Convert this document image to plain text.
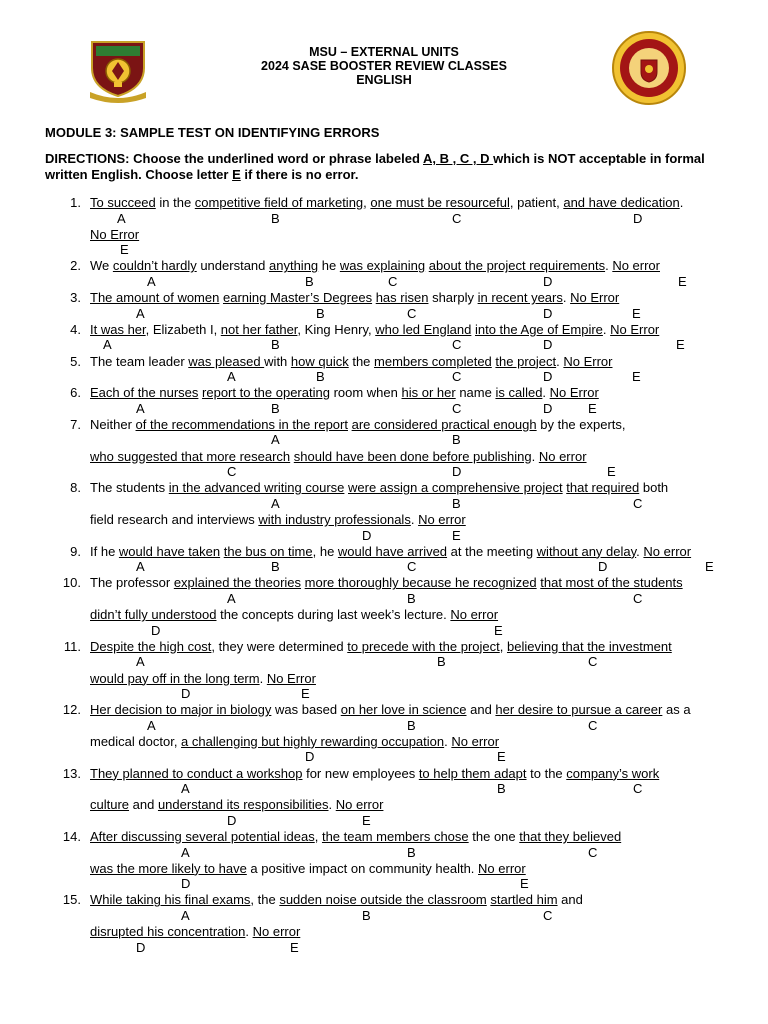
MSU – EXTERNAL UNITS
2024 SASE BOOSTER REVIEW CLASSES
ENGLISH
MODULE 3: SAMPLE TEST ON IDENTIFYING ERRORS
DIRECTIONS: Choose the underlined word or phrase labeled A, B , C , D which is NOT acceptable in formal written English. Choose letter E if there is no error.
1. To succeed in the competitive field of marketing, one must be resourceful, patient, and have dedication.
A	B	C	D
No Error
E
2. We couldn’t hardly understand anything he was explaining about the project requirements. No error
A	B	C	D	E
3. The amount of women earning Master’s Degrees has risen sharply in recent years. No Error
A	B	C	D	E
4. It was her, Elizabeth I, not her father, King Henry, who led England into the Age of Empire. No Error
A	B	C	D	E
5. The team leader was pleased with how quick the members completed the project. No Error
A	B	C	D	E
6. Each of the nurses report to the operating room when his or her name is called. No Error
A	B	C	D	E
7. Neither of the recommendations in the report are considered practical enough by the experts,
A	B
who suggested that more research should have been done before publishing. No error
C	D	E
8. The students in the advanced writing course were assign a comprehensive project that required both
A	B	C
field research and interviews with industry professionals. No error
D	E
9. If he would have taken the bus on time, he would have arrived at the meeting without any delay. No error
A	B	C	D	E
10. The professor explained the theories more thoroughly because he recognized that most of the students
A	B	C
didn’t fully understood the concepts during last week’s lecture. No error
D	E
11. Despite the high cost, they were determined to precede with the project, believing that the investment
A	B	C
would pay off in the long term. No Error
D	E
12. Her decision to major in biology was based on her love in science and her desire to pursue a career as a
A	B	C
medical doctor, a challenging but highly rewarding occupation. No error
D	E
13. They planned to conduct a workshop for new employees to help them adapt to the company’s work
A	B	C
culture and understand its responsibilities. No error
D	E
14. After discussing several potential ideas, the team members chose the one that they believed
A	B	C
was the more likely to have a positive impact on community health. No error
D	E
15. While taking his final exams, the sudden noise outside the classroom startled him and
A	B	C
disrupted his concentration. No error
D	E
